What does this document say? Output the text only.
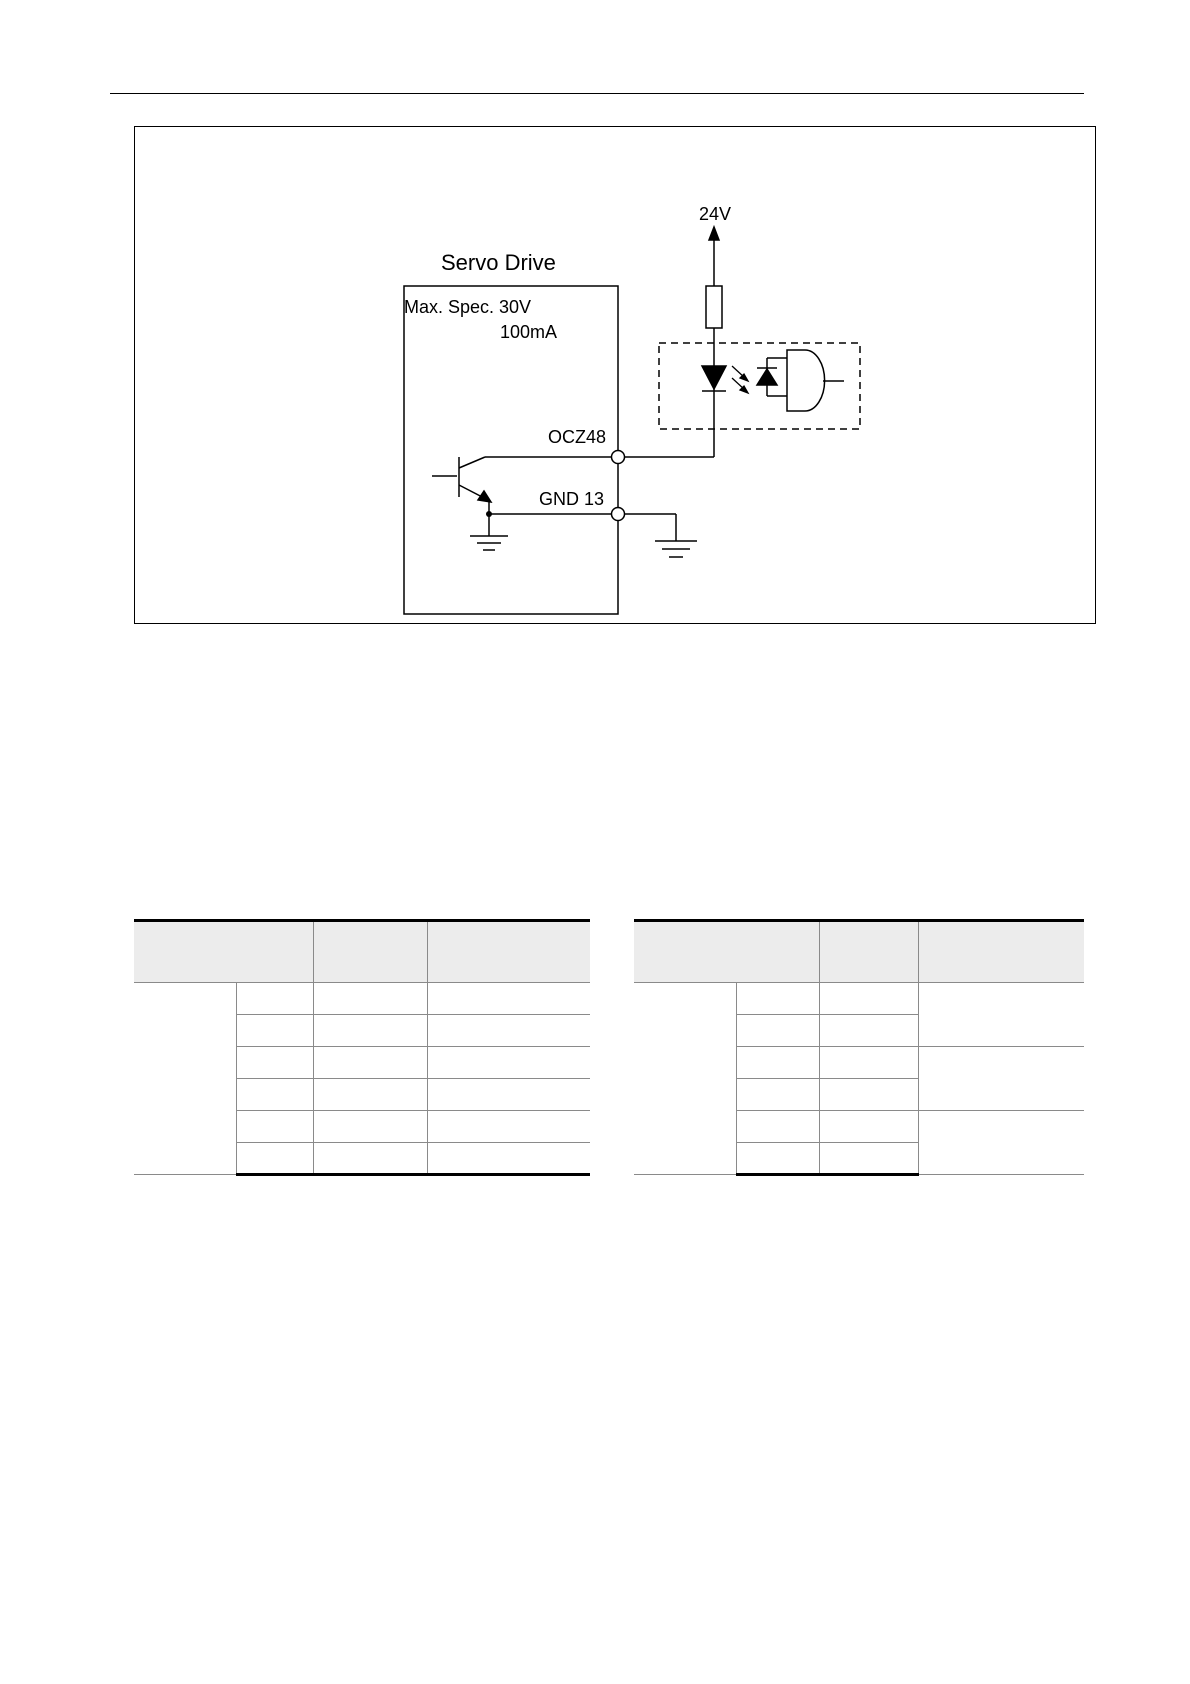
Servo Drive
Max. Spec. 30V
100mA
OCZ48
GND 13
24V
